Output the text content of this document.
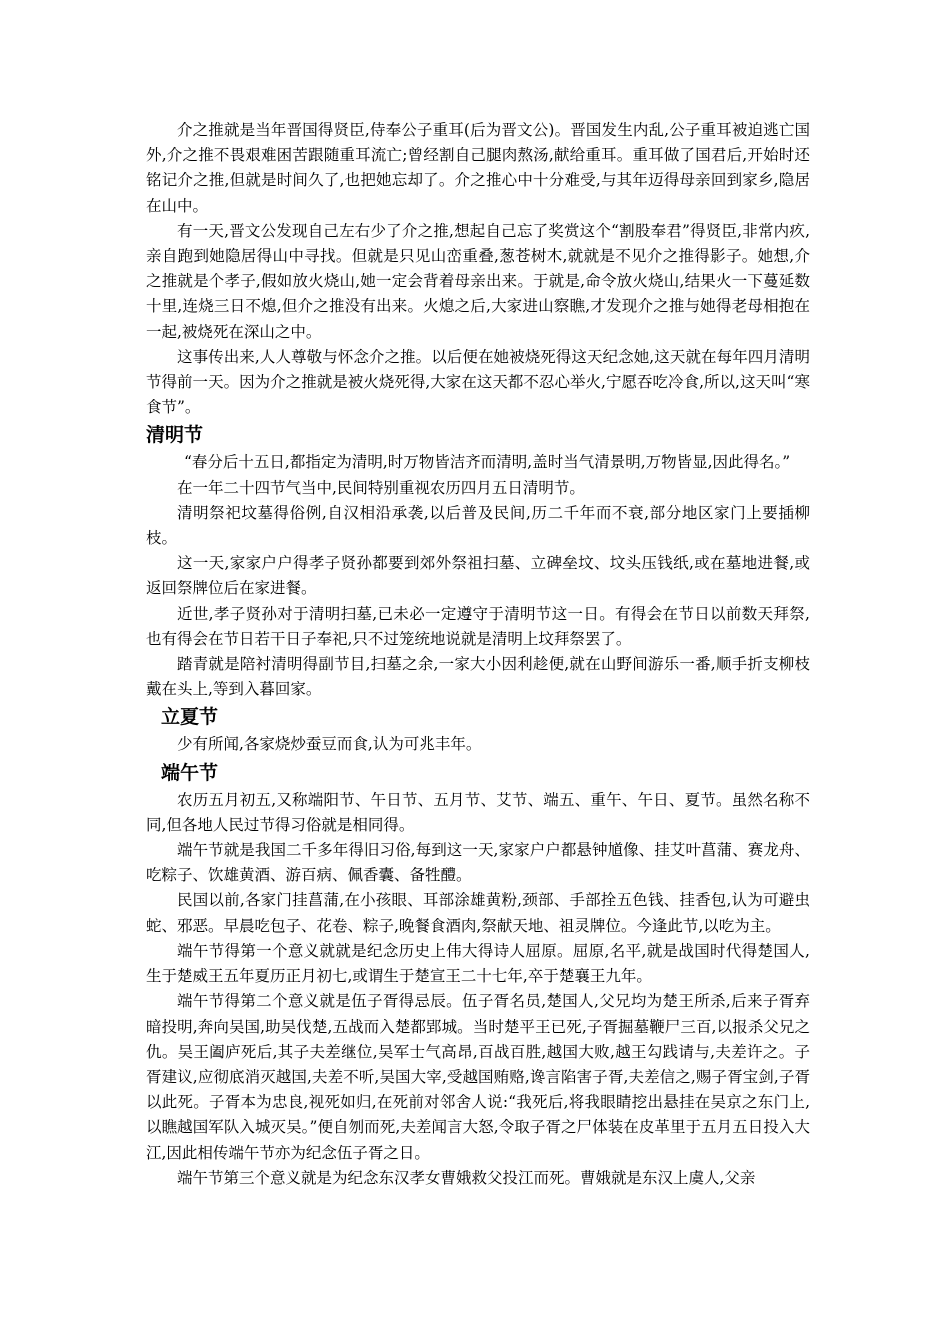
介之推就是当年晋国得贤臣,侍奉公子重耳(后为晋文公)。晋国发生内乱,公子重耳被迫逃亡国外,介之推不畏艰难困苦跟随重耳流亡;曾经割自己腿肉熬汤,献给重耳。重耳做了国君后,开始时还铭记介之推,但就是时间久了,也把她忘却了。介之推心中十分难受,与其年迈得母亲回到家乡,隐居在山中。

有一天,晋文公发现自己左右少了介之推,想起自己忘了奖赏这个“割股奉君”得贤臣,非常内疚,亲自跑到她隐居得山中寻找。但就是只见山峦重叠,葱苍树木,就就是不见介之推得影子。她想,介之推就是个孝子,假如放火烧山,她一定会背着母亲出来。于就是,命令放火烧山,结果火一下蔓延数十里,连烧三日不熄,但介之推没有出来。火熄之后,大家进山察瞧,才发现介之推与她得老母相抱在一起,被烧死在深山之中。

这事传出来,人人尊敬与怀念介之推。以后便在她被烧死得这天纪念她,这天就在每年四月清明节得前一天。因为介之推就是被火烧死得,大家在这天都不忍心举火,宁愿吞吃冷食,所以,这天叫“寒食节”。

清明节

“春分后十五日,都指定为清明,时万物皆洁齐而清明,盖时当气清景明,万物皆显,因此得名。”

在一年二十四节气当中,民间特别重视农历四月五日清明节。

清明祭祀坟墓得俗例,自汉相沿承袭,以后普及民间,历二千年而不衰,部分地区家门上要插柳枝。

这一天,家家户户得孝子贤孙都要到郊外祭祖扫墓、立碑垒坟、坟头压钱纸,或在墓地进餐,或返回祭牌位后在家进餐。

近世,孝子贤孙对于清明扫墓,已未必一定遵守于清明节这一日。有得会在节日以前数天拜祭,也有得会在节日若干日子奉祀,只不过笼统地说就是清明上坟拜祭罢了。

踏青就是陪衬清明得副节目,扫墓之余,一家大小因利趁便,就在山野间游乐一番,顺手折支柳枝戴在头上,等到入暮回家。

立夏节

少有所闻,各家烧炒蚕豆而食,认为可兆丰年。

端午节

农历五月初五,又称端阳节、午日节、五月节、艾节、端五、重午、午日、夏节。虽然名称不同,但各地人民过节得习俗就是相同得。

端午节就是我国二千多年得旧习俗,每到这一天,家家户户都悬钟馗像、挂艾叶菖蒲、赛龙舟、吃粽子、饮雄黄酒、游百病、佩香囊、备牲醴。

民国以前,各家门挂菖蒲,在小孩眼、耳部涂雄黄粉,颈部、手部拴五色钱、挂香包,认为可避虫蛇、邪恶。早晨吃包子、花卷、粽子,晚餐食酒肉,祭献天地、祖灵牌位。今逢此节,以吃为主。

端午节得第一个意义就就是纪念历史上伟大得诗人屈原。屈原,名平,就是战国时代得楚国人,生于楚威王五年夏历正月初七,或谓生于楚宣王二十七年,卒于楚襄王九年。

端午节得第二个意义就是伍子胥得忌辰。伍子胥名员,楚国人,父兄均为楚王所杀,后来子胥弃暗投明,奔向吴国,助吴伐楚,五战而入楚都郢城。当时楚平王已死,子胥掘墓鞭尸三百,以报杀父兄之仇。吴王阖庐死后,其子夫差继位,吴军士气高昂,百战百胜,越国大败,越王勾践请与,夫差许之。子胥建议,应彻底消灭越国,夫差不听,吴国大宰,受越国贿赂,谗言陷害子胥,夫差信之,赐子胥宝剑,子胥以此死。子胥本为忠良,视死如归,在死前对邻舍人说:“我死后,将我眼睛挖出悬挂在吴京之东门上,以瞧越国军队入城灭吴。”便自刎而死,夫差闻言大怒,令取子胥之尸体装在皮革里于五月五日投入大江,因此相传端午节亦为纪念伍子胥之日。

端午节第三个意义就是为纪念东汉孝女曹娥救父投江而死。曹娥就是东汉上虞人,父亲
